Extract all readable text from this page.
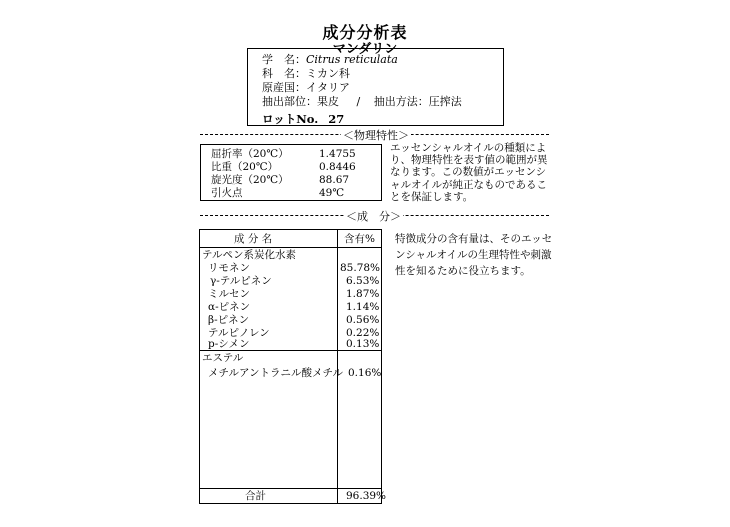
成分分析表
マンダリン
学　名：Citrus reticulata
科　名：ミカン科
原産国：イタリア
抽出部位：果皮 / 抽出方法：圧搾法
ロットNo. 27
＜物理特性＞
屈折率（20℃）	1.4755
比重（20℃）	0.8446
旋光度（20℃）	88.67
引火点	49℃
エッセンシャルオイルの種類により、物理特性を表す値の範囲が異なります。この数値がエッセンシャルオイルが純正なものであることを保証します。
＜成　分＞
成 分 名	含有%
テルペン系炭化水素
リモネン	85.78%
γ-テルピネン	6.53%
ミルセン	1.87%
α-ピネン	1.14%
β-ピネン	0.56%
テルピノレン	0.22%
p-シメン	0.13%
エステル
メチルアントラニル酸メチル 0.16%
合計	96.39%
特徴成分の含有量は、そのエッセンシャルオイルの生理特性や刺激性を知るために役立ちます。
